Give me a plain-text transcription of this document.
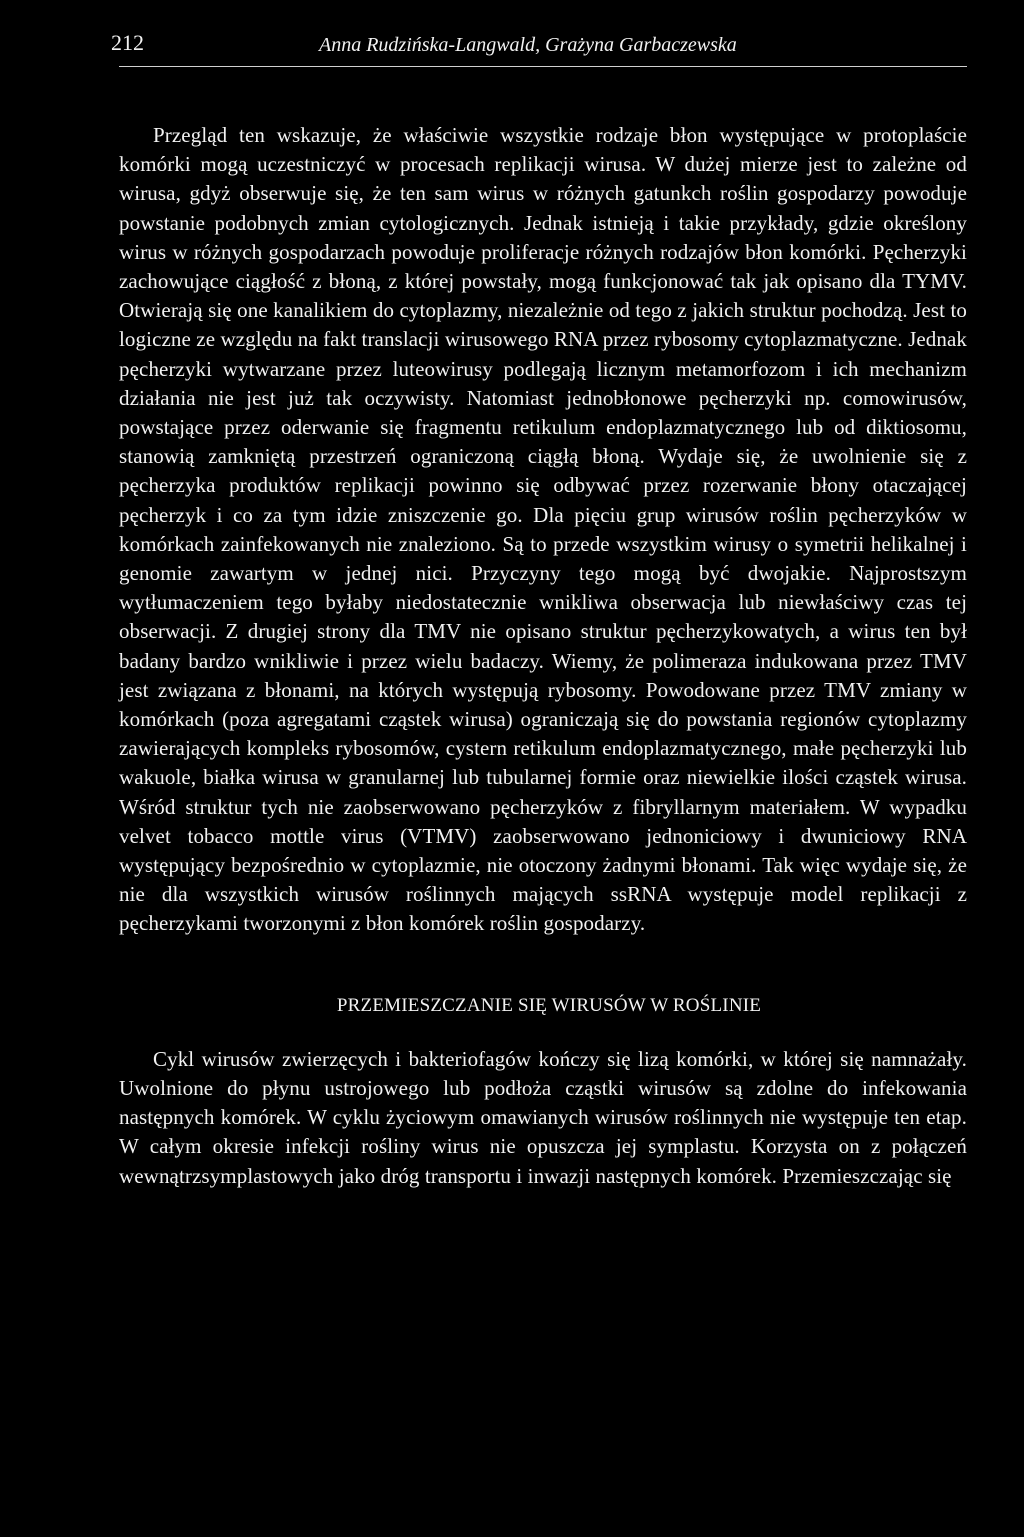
212	Anna Rudzińska-Langwald, Grażyna Garbaczewska

Przegląd ten wskazuje, że właściwie wszystkie rodzaje błon występujące w protoplaście komórki mogą uczestniczyć w procesach replikacji wirusa. W dużej mierze jest to zależne od wirusa, gdyż obserwuje się, że ten sam wirus w różnych gatunkch roślin gospodarzy powoduje powstanie podobnych zmian cytologicznych. Jednak istnieją i takie przykłady, gdzie określony wirus w różnych gospodarzach powoduje proliferacje różnych rodzajów błon komórki. Pęcherzyki zachowujące ciągłość z błoną, z której powstały, mogą funkcjonować tak jak opisano dla TYMV. Otwierają się one kanalikiem do cytoplazmy, niezależnie od tego z jakich struktur pochodzą. Jest to logiczne ze względu na fakt translacji wirusowego RNA przez rybosomy cytoplazmatyczne. Jednak pęcherzyki wytwarzane przez luteowirusy podlegają licznym metamorfozom i ich mechanizm działania nie jest już tak oczywisty. Natomiast jednobłonowe pęcherzyki np. comowirusów, powstające przez oderwanie się fragmentu retikulum endoplazmatycznego lub od diktiosomu, stanowią zamkniętą przestrzeń ograniczoną ciągłą błoną. Wydaje się, że uwolnienie się z pęcherzyka produktów replikacji powinno się odbywać przez rozerwanie błony otaczającej pęcherzyk i co za tym idzie zniszczenie go. Dla pięciu grup wirusów roślin pęcherzyków w komórkach zainfekowanych nie znaleziono. Są to przede wszystkim wirusy o symetrii helikalnej i genomie zawartym w jednej nici. Przyczyny tego mogą być dwojakie. Najprostszym wytłumaczeniem tego byłaby niedostatecznie wnikliwa obserwacja lub niewłaściwy czas tej obserwacji. Z drugiej strony dla TMV nie opisano struktur pęcherzykowatych, a wirus ten był badany bardzo wnikliwie i przez wielu badaczy. Wiemy, że polimeraza indukowana przez TMV jest związana z błonami, na których występują rybosomy. Powodowane przez TMV zmiany w komórkach (poza agregatami cząstek wirusa) ograniczają się do powstania regionów cytoplazmy zawierających kompleks rybosomów, cystern retikulum endoplazmatycznego, małe pęcherzyki lub wakuole, białka wirusa w granularnej lub tubularnej formie oraz niewielkie ilości cząstek wirusa. Wśród struktur tych nie zaobserwowano pęcherzyków z fibryllarnym materiałem. W wypadku velvet tobacco mottle virus (VTMV) zaobserwowano jednoniciowy i dwuniciowy RNA występujący bezpośrednio w cytoplazmie, nie otoczony żadnymi błonami. Tak więc wydaje się, że nie dla wszystkich wirusów roślinnych mających ssRNA występuje model replikacji z pęcherzykami tworzonymi z błon komórek roślin gospodarzy.

PRZEMIESZCZANIE SIĘ WIRUSÓW W ROŚLINIE

Cykl wirusów zwierzęcych i bakteriofagów kończy się lizą komórki, w której się namnażały. Uwolnione do płynu ustrojowego lub podłoża cząstki wirusów są zdolne do infekowania następnych komórek. W cyklu życiowym omawianych wirusów roślinnych nie występuje ten etap. W całym okresie infekcji rośliny wirus nie opuszcza jej symplastu. Korzysta on z połączeń wewnątrzsymplastowych jako dróg transportu i inwazji następnych komórek. Przemieszczając się
